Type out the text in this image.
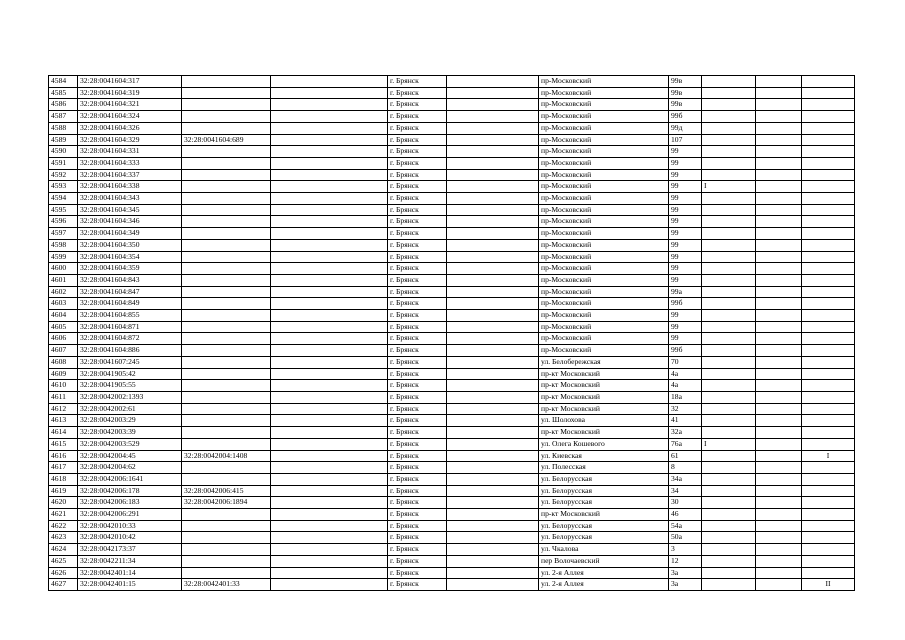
4584	32:28:0041604:317			г. Брянск		пр-Московский	99в			
4585	32:28:0041604:319			г. Брянск		пр-Московский	99в			
4586	32:28:0041604:321			г. Брянск		пр-Московский	99в			
4587	32:28:0041604:324			г. Брянск		пр-Московский	99б			
4588	32:28:0041604:326			г. Брянск		пр-Московский	99д			
4589	32:28:0041604:329	32:28:0041604:689		г. Брянск		пр-Московский	107			
4590	32:28:0041604:331			г. Брянск		пр-Московский	99			
4591	32:28:0041604:333			г. Брянск		пр-Московский	99			
4592	32:28:0041604:337			г. Брянск		пр-Московский	99			
4593	32:28:0041604:338			г. Брянск		пр-Московский	99	I		
4594	32:28:0041604:343			г. Брянск		пр-Московский	99			
4595	32:28:0041604:345			г. Брянск		пр-Московский	99			
4596	32:28:0041604:346			г. Брянск		пр-Московский	99			
4597	32:28:0041604:349			г. Брянск		пр-Московский	99			
4598	32:28:0041604:350			г. Брянск		пр-Московский	99			
4599	32:28:0041604:354			г. Брянск		пр-Московский	99			
4600	32:28:0041604:359			г. Брянск		пр-Московский	99			
4601	32:28:0041604:843			г. Брянск		пр-Московский	99			
4602	32:28:0041604:847			г. Брянск		пр-Московский	99а			
4603	32:28:0041604:849			г. Брянск		пр-Московский	99б			
4604	32:28:0041604:855			г. Брянск		пр-Московский	99			
4605	32:28:0041604:871			г. Брянск		пр-Московский	99			
4606	32:28:0041604:872			г. Брянск		пр-Московский	99			
4607	32:28:0041604:886			г. Брянск		пр-Московский	99б			
4608	32:28:0041607:245			г. Брянск		ул. Белобережская	70			
4609	32:28:0041905:42			г. Брянск		пр-кт Московский	4а			
4610	32:28:0041905:55			г. Брянск		пр-кт Московский	4а			
4611	32:28:0042002:1393			г. Брянск		пр-кт Московский	18а			
4612	32:28:0042002:61			г. Брянск		пр-кт Московский	32			
4613	32:28:0042003:29			г. Брянск		ул. Шолохова	41			
4614	32:28:0042003:39			г. Брянск		пр-кт Московский	32а			
4615	32:28:0042003:529			г. Брянск		ул. Олега Кошевого	76а	I		
4616	32:28:0042004:45	32:28:0042004:1408		г. Брянск		ул. Киевская	61			I
4617	32:28:0042004:62			г. Брянск		ул. Полесская	8			
4618	32:28:0042006:1641			г. Брянск		ул. Белорусская	34а			
4619	32:28:0042006:178	32:28:0042006:415		г. Брянск		ул. Белорусская	34			
4620	32:28:0042006:183	32:28:0042006:1894		г. Брянск		ул. Белорусская	30			
4621	32:28:0042006:291			г. Брянск		пр-кт Московский	46			
4622	32:28:0042010:33			г. Брянск		ул. Белорусская	54а			
4623	32:28:0042010:42			г. Брянск		ул. Белорусская	50а			
4624	32:28:0042173:37			г. Брянск		ул. Чкалова	3			
4625	32:28:0042211:34			г. Брянск		пер Волочаевский	12			
4626	32:28:0042401:14			г. Брянск		ул. 2-я Аллея	3а			
4627	32:28:0042401:15	32:28:0042401:33		г. Брянск		ул. 2-я Аллея	3а			II
